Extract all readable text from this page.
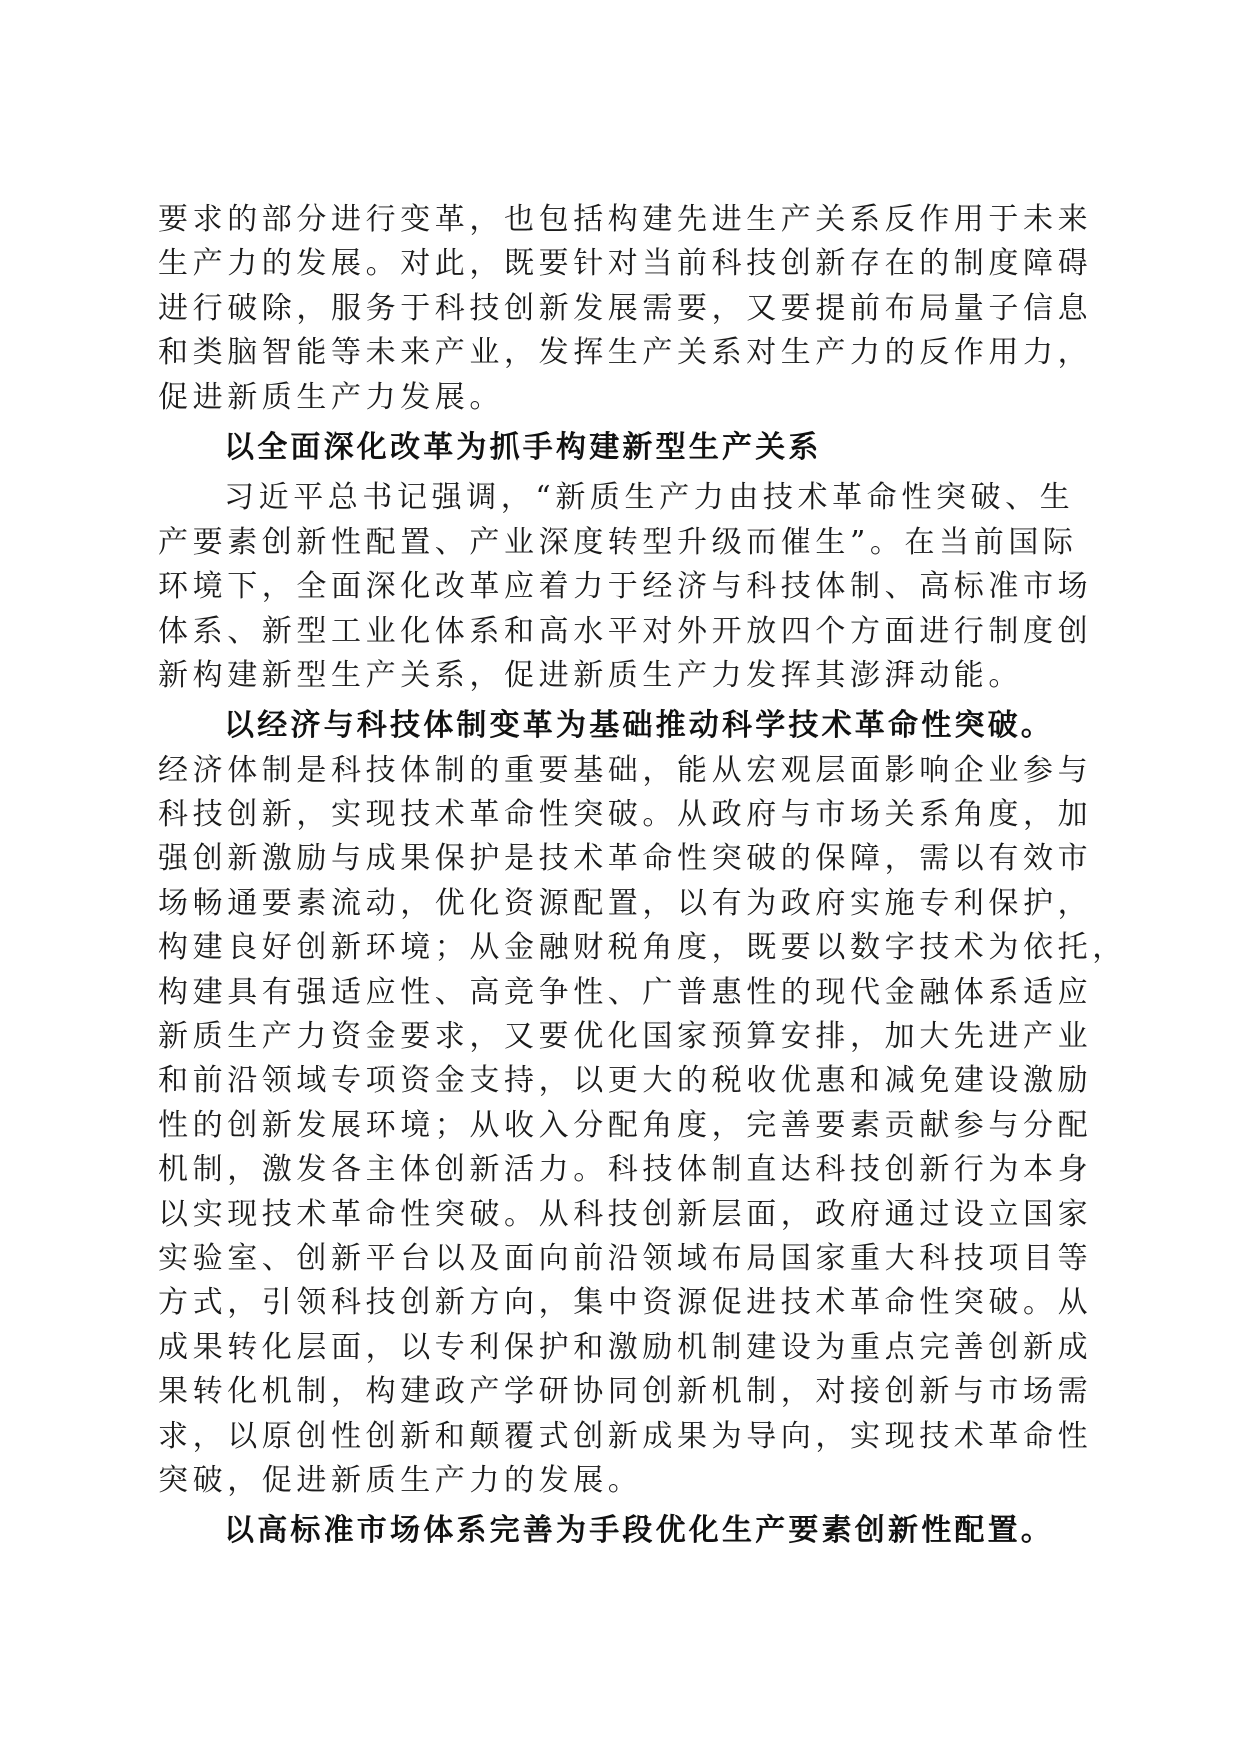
要求的部分进行变革，也包括构建先进生产关系反作用于未来
生产力的发展。对此，既要针对当前科技创新存在的制度障碍
进行破除，服务于科技创新发展需要，又要提前布局量子信息
和类脑智能等未来产业，发挥生产关系对生产力的反作用力，
促进新质生产力发展。
以全面深化改革为抓手构建新型生产关系
习近平总书记强调，“新质生产力由技术革命性突破、生
产要素创新性配置、产业深度转型升级而催生”。在当前国际
环境下，全面深化改革应着力于经济与科技体制、高标准市场
体系、新型工业化体系和高水平对外开放四个方面进行制度创
新构建新型生产关系，促进新质生产力发挥其澎湃动能。
以经济与科技体制变革为基础推动科学技术革命性突破。
经济体制是科技体制的重要基础，能从宏观层面影响企业参与
科技创新，实现技术革命性突破。从政府与市场关系角度，加
强创新激励与成果保护是技术革命性突破的保障，需以有效市
场畅通要素流动，优化资源配置，以有为政府实施专利保护，
构建良好创新环境；从金融财税角度，既要以数字技术为依托，
构建具有强适应性、高竞争性、广普惠性的现代金融体系适应
新质生产力资金要求，又要优化国家预算安排，加大先进产业
和前沿领域专项资金支持，以更大的税收优惠和减免建设激励
性的创新发展环境；从收入分配角度，完善要素贡献参与分配
机制，激发各主体创新活力。科技体制直达科技创新行为本身
以实现技术革命性突破。从科技创新层面，政府通过设立国家
实验室、创新平台以及面向前沿领域布局国家重大科技项目等
方式，引领科技创新方向，集中资源促进技术革命性突破。从
成果转化层面，以专利保护和激励机制建设为重点完善创新成
果转化机制，构建政产学研协同创新机制，对接创新与市场需
求，以原创性创新和颠覆式创新成果为导向，实现技术革命性
突破，促进新质生产力的发展。
以高标准市场体系完善为手段优化生产要素创新性配置。
